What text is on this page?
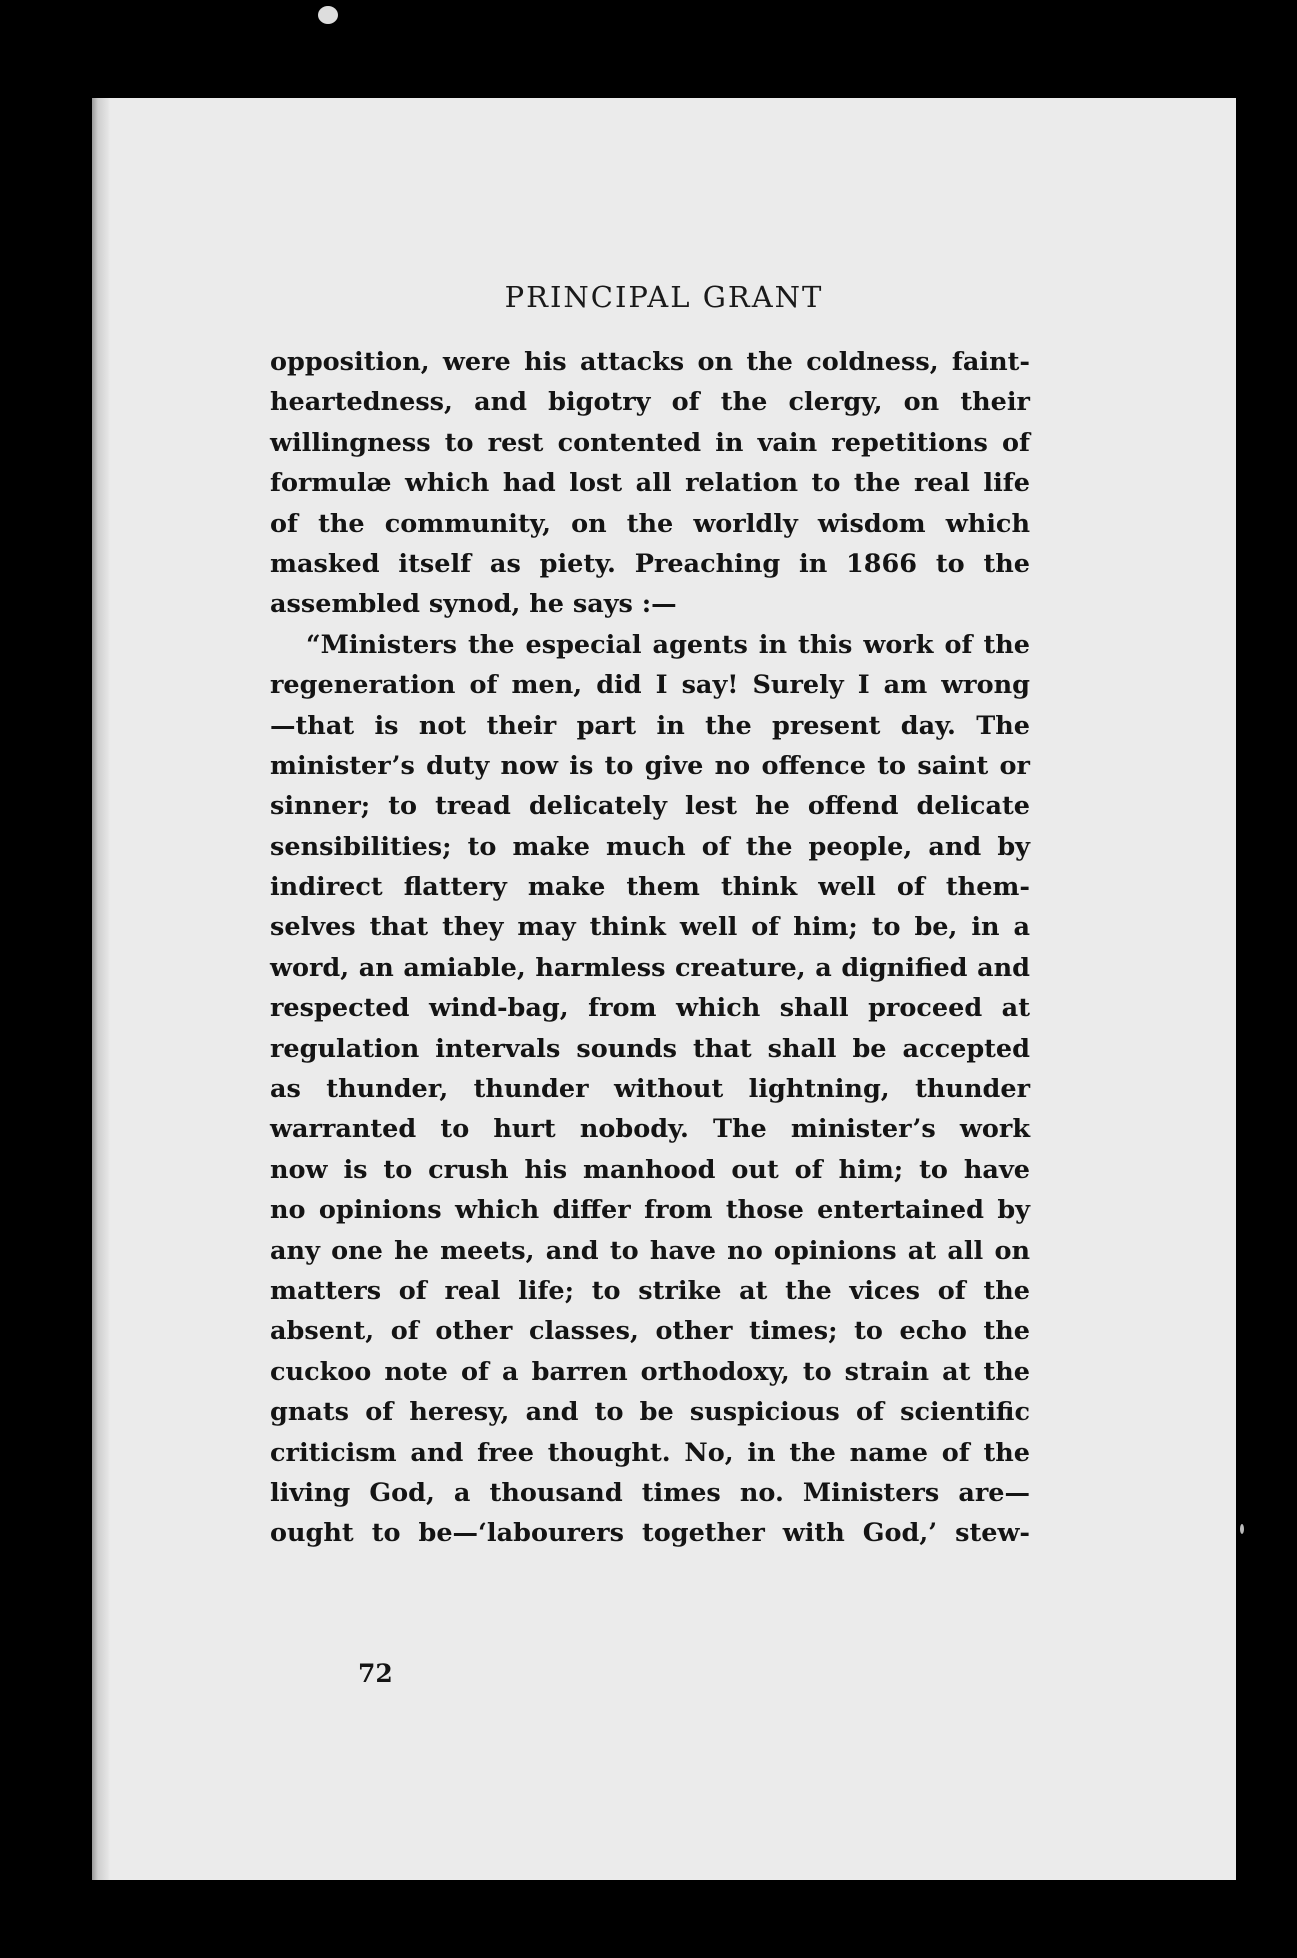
PRINCIPAL GRANT
opposition, were his attacks on the coldness, faint-
heartedness, and bigotry of the clergy, on their
willingness to rest contented in vain repetitions of
formulæ which had lost all relation to the real life
of the community, on the worldly wisdom which
masked itself as piety. Preaching in 1866 to the
assembled synod, he says :—
“Ministers the especial agents in this work of the
regeneration of men, did I say! Surely I am wrong
—that is not their part in the present day. The
minister’s duty now is to give no offence to saint or
sinner; to tread delicately lest he offend delicate
sensibilities; to make much of the people, and by
indirect flattery make them think well of them-
selves that they may think well of him; to be, in a
word, an amiable, harmless creature, a dignified and
respected wind-bag, from which shall proceed at
regulation intervals sounds that shall be accepted
as thunder, thunder without lightning, thunder
warranted to hurt nobody. The minister’s work
now is to crush his manhood out of him; to have
no opinions which differ from those entertained by
any one he meets, and to have no opinions at all on
matters of real life; to strike at the vices of the
absent, of other classes, other times; to echo the
cuckoo note of a barren orthodoxy, to strain at the
gnats of heresy, and to be suspicious of scientific
criticism and free thought. No, in the name of the
living God, a thousand times no. Ministers are—
ought to be—‘labourers together with God,’ stew-
72
